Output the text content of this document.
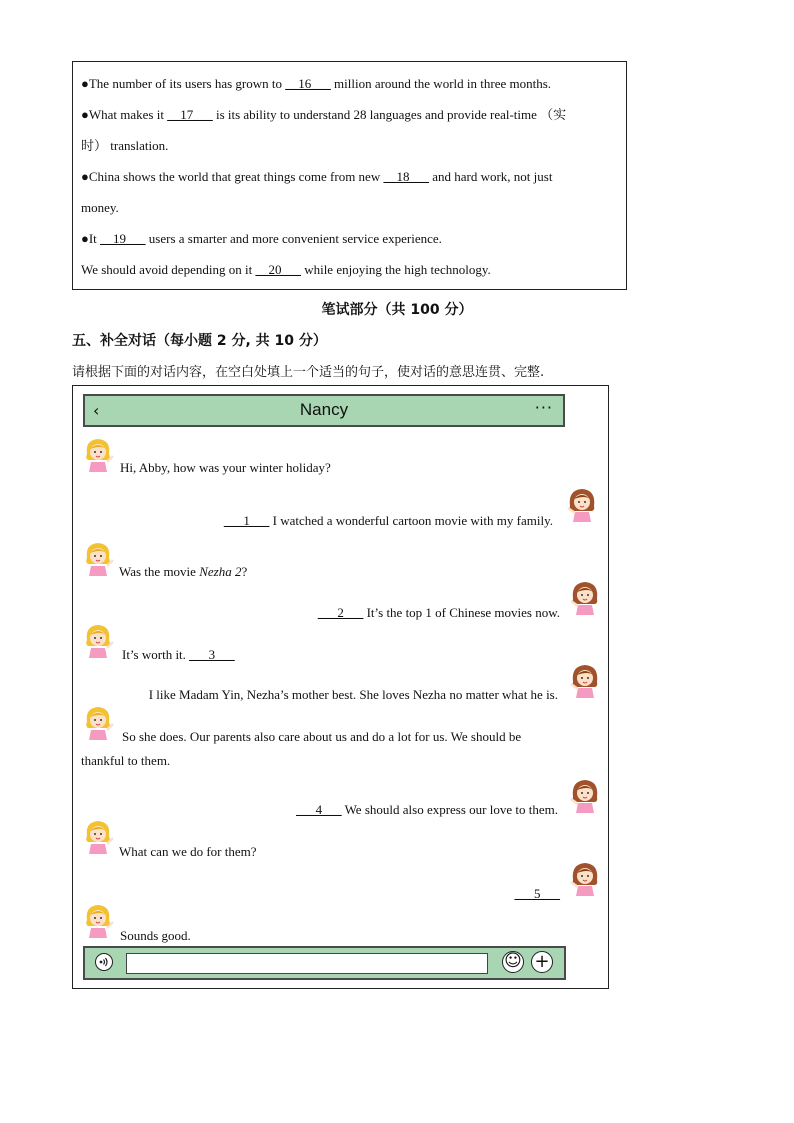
●The number of its users has grown to __16___ million around the world in three months.
●What makes it __17___ is its ability to understand 28 languages and provide real-time （实
时） translation.
●China shows the world that great things come from new __18___ and hard work, not just
money.
●It __19___ users a smarter and more convenient service experience.
We should avoid depending on it __20___ while enjoying the high technology.
笔试部分（共 100 分）
五、补全对话（每小题 2 分, 共 10 分）
请根据下面的对话内容，在空白处填上一个适当的句子，使对话的意思连贯、完整.
‹	Nancy	···
Hi, Abby, how was your winter holiday?
___1___ I watched a wonderful cartoon movie with my family.
Was the movie Nezha 2?
___2___ It’s the top 1 of Chinese movies now.
It’s worth it. ___3___
I like Madam Yin, Nezha’s mother best. She loves Nezha no matter what he is.
So she does. Our parents also care about us and do a lot for us. We should be
thankful to them.
___4___ We should also express our love to them.
What can we do for them?
___5___
Sounds good.
☺ +
